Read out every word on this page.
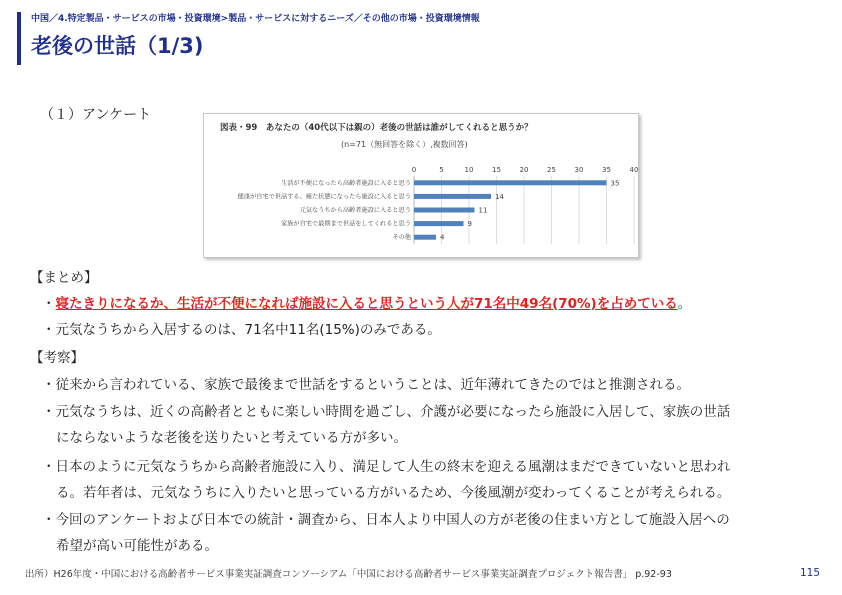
中国／4.特定製品・サービスの市場・投資環境>製品・サービスに対するニーズ／その他の市場・投資環境情報
老後の世話（1/3)
（１）アンケート
図表・99　あなたの（40代以下は親の）老後の世話は誰がしてくれると思うか？
(n=71（無回答を除く）,複数回答)
0	5	10	15	20	25	30	35	40
生活が不便になったら高齢者施設に入ると思う
健康が自宅で世話する、痛た状態になったら施設に入ると思う
元気なうちから高齢者施設に入ると思う
家族が自宅で最期まで世話をしてくれると思う
その他
35
14
11
9
4
【まとめ】
・寝たきりになるか、生活が不便になれば施設に入ると思うという人が71名中49名(70%)を占めている。
・元気なうちから入居するのは、71名中11名(15%)のみである。
【考察】
・従来から言われている、家族で最後まで世話をするということは、近年薄れてきたのではと推測される。
・元気なうちは、近くの高齢者とともに楽しい時間を過ごし、介護が必要になったら施設に入居して、家族の世話
にならないような老後を送りたいと考えている方が多い。
・日本のように元気なうちから高齢者施設に入り、満足して人生の終末を迎える風潮はまだできていないと思われ
る。若年者は、元気なうちに入りたいと思っている方がいるため、今後風潮が変わってくることが考えられる。
・今回のアンケートおよび日本での統計・調査から、日本人より中国人の方が老後の住まい方として施設入居への
希望が高い可能性がある。
出所）H26年度・中国における高齢者サービス事業実証調査コンソーシアム「中国における高齢者サービス事業実証調査プロジェクト報告書」 p.92-93	115
